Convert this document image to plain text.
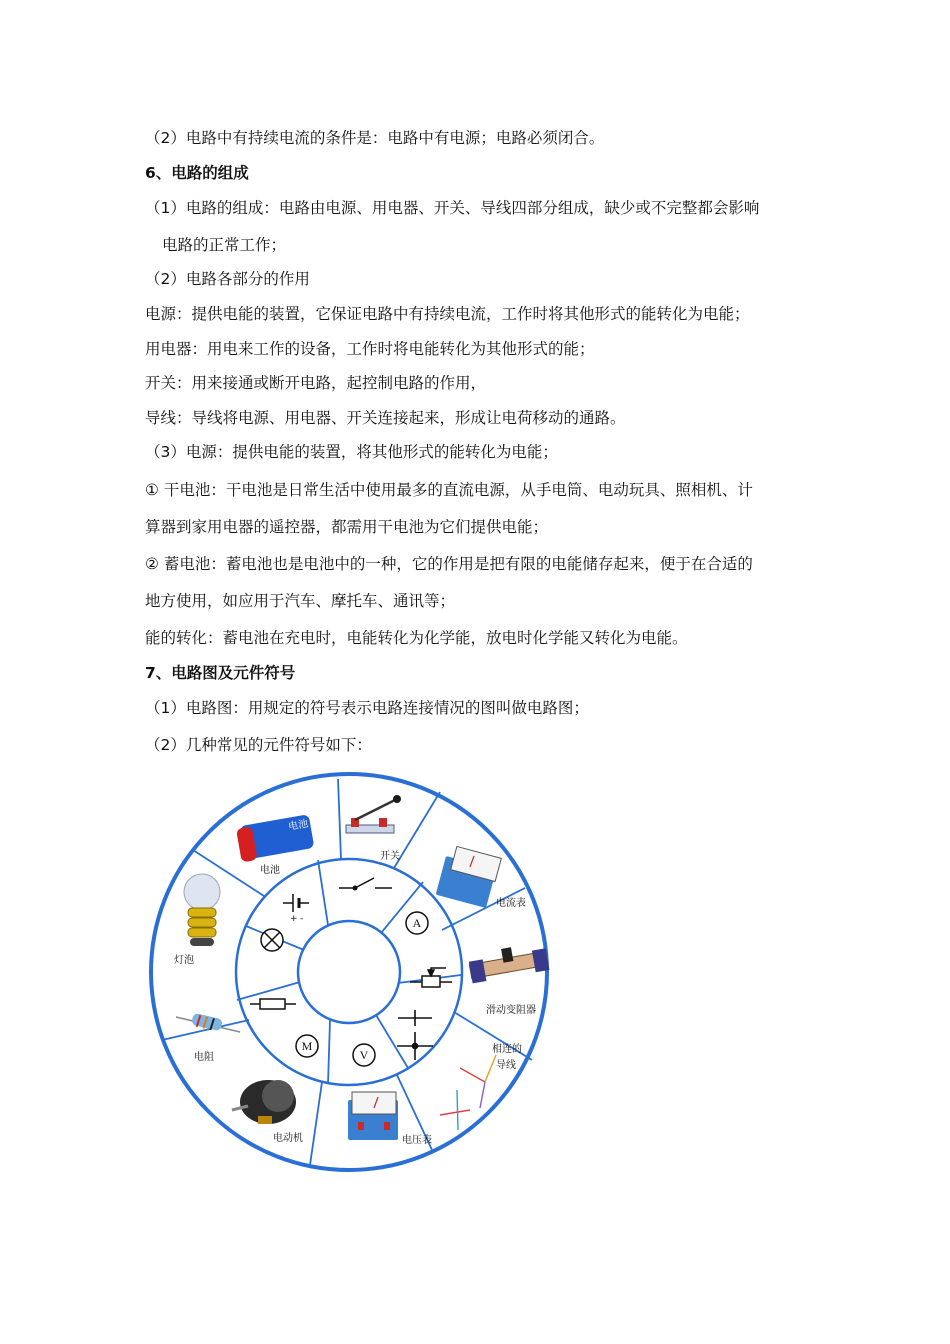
（2）电路中有持续电流的条件是：电路中有电源；电路必须闭合。
6、电路的组成
（1）电路的组成：电路由电源、用电器、开关、导线四部分组成，缺少或不完整都会影响
电路的正常工作；
（2）电路各部分的作用
电源：提供电能的装置，它保证电路中有持续电流，工作时将其他形式的能转化为电能；
用电器：用电来工作的设备，工作时将电能转化为其他形式的能；
开关：用来接通或断开电路，起控制电路的作用，
导线：导线将电源、用电器、开关连接起来，形成让电荷移动的通路。
（3）电源：提供电能的装置，将其他形式的能转化为电能；
① 干电池：干电池是日常生活中使用最多的直流电源，从手电筒、电动玩具、照相机、计
算器到家用电器的遥控器，都需用干电池为它们提供电能；
② 蓄电池：蓄电池也是电池中的一种，它的作用是把有限的电能储存起来，便于在合适的
地方使用，如应用于汽车、摩托车、通讯等；
能的转化：蓄电池在充电时，电能转化为化学能，放电时化学能又转化为电能。
7、电路图及元件符号
（1）电路图：用规定的符号表示电路连接情况的图叫做电路图；
（2）几种常见的元件符号如下：
+ -	A
V
M
电池
电池
开关
电流表
滑动变阻器
相连的
导线
电压表
电动机
电阻
灯泡
